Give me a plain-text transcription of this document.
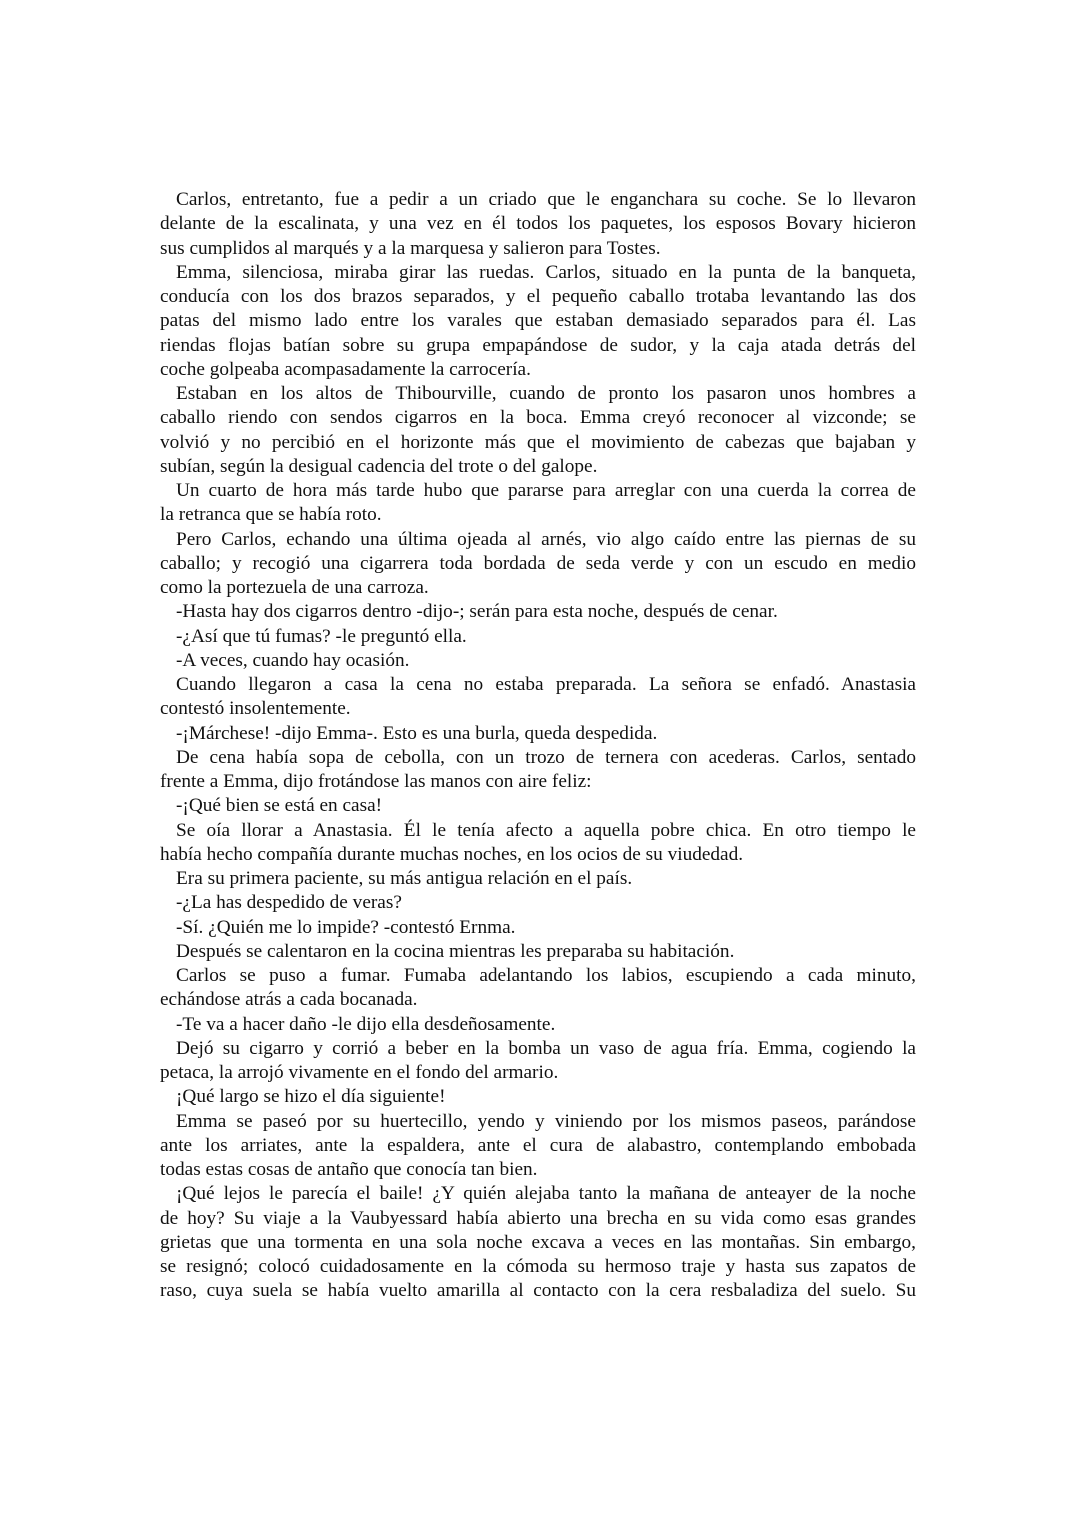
Carlos, entretanto, fue a pedir a un criado que le enganchara su coche. Se lo llevaron
delante de la escalinata, y una vez en él todos los paquetes, los esposos Bovary hicieron
sus cumplidos al marqués y a la marquesa y salieron para Tostes.
Emma, silenciosa, miraba girar las ruedas. Carlos, situado en la punta de la banqueta,
conducía con los dos brazos separados, y el pequeño caballo trotaba levantando las dos
patas del mismo lado entre los varales que estaban demasiado separados para él. Las
riendas flojas batían sobre su grupa empapándose de sudor, y la caja atada detrás del
coche golpeaba acompasadamente la carrocería.
Estaban en los altos de Thibourville, cuando de pronto los pasaron unos hombres a
caballo riendo con sendos cigarros en la boca. Emma creyó reconocer al vizconde; se
volvió y no percibió en el horizonte más que el movimiento de cabezas que bajaban y
subían, según la desigual cadencia del trote o del galope.
Un cuarto de hora más tarde hubo que pararse para arreglar con una cuerda la correa de
la retranca que se había roto.
Pero Carlos, echando una última ojeada al arnés, vio algo caído entre las piernas de su
caballo; y recogió una cigarrera toda bordada de seda verde y con un escudo en medio
como la portezuela de una carroza.
-Hasta hay dos cigarros dentro -dijo-; serán para esta noche, después de cenar.
-¿Así que tú fumas? -le preguntó ella.
-A veces, cuando hay ocasión.
Cuando llegaron a casa la cena no estaba preparada. La señora se enfadó. Anastasia
contestó insolentemente.
-¡Márchese! -dijo Emma-. Esto es una burla, queda despedida.
De cena había sopa de cebolla, con un trozo de ternera con acederas. Carlos, sentado
frente a Emma, dijo frotándose las manos con aire feliz:
-¡Qué bien se está en casa!
Se oía llorar a Anastasia. Él le tenía afecto a aquella pobre chica. En otro tiempo le
había hecho compañía durante muchas noches, en los ocios de su viudedad.
Era su primera paciente, su más antigua relación en el país.
-¿La has despedido de veras?
-Sí. ¿Quién me lo impide? -contestó Ernma.
Después se calentaron en la cocina mientras les preparaba su habitación.
Carlos se puso a fumar. Fumaba adelantando los labios, escupiendo a cada minuto,
echándose atrás a cada bocanada.
-Te va a hacer daño -le dijo ella desdeñosamente.
Dejó su cigarro y corrió a beber en la bomba un vaso de agua fría. Emma, cogiendo la
petaca, la arrojó vivamente en el fondo del armario.
¡Qué largo se hizo el día siguiente!
Emma se paseó por su huertecillo, yendo y viniendo por los mismos paseos, parándose
ante los arriates, ante la espaldera, ante el cura de alabastro, contemplando embobada
todas estas cosas de antaño que conocía tan bien.
¡Qué lejos le parecía el baile! ¿Y quién alejaba tanto la mañana de anteayer de la noche
de hoy? Su viaje a la Vaubyessard había abierto una brecha en su vida como esas grandes
grietas que una tormenta en una sola noche excava a veces en las montañas. Sin embargo,
se resignó; colocó cuidadosamente en la cómoda su hermoso traje y hasta sus zapatos de
raso, cuya suela se había vuelto amarilla al contacto con la cera resbaladiza del suelo. Su
